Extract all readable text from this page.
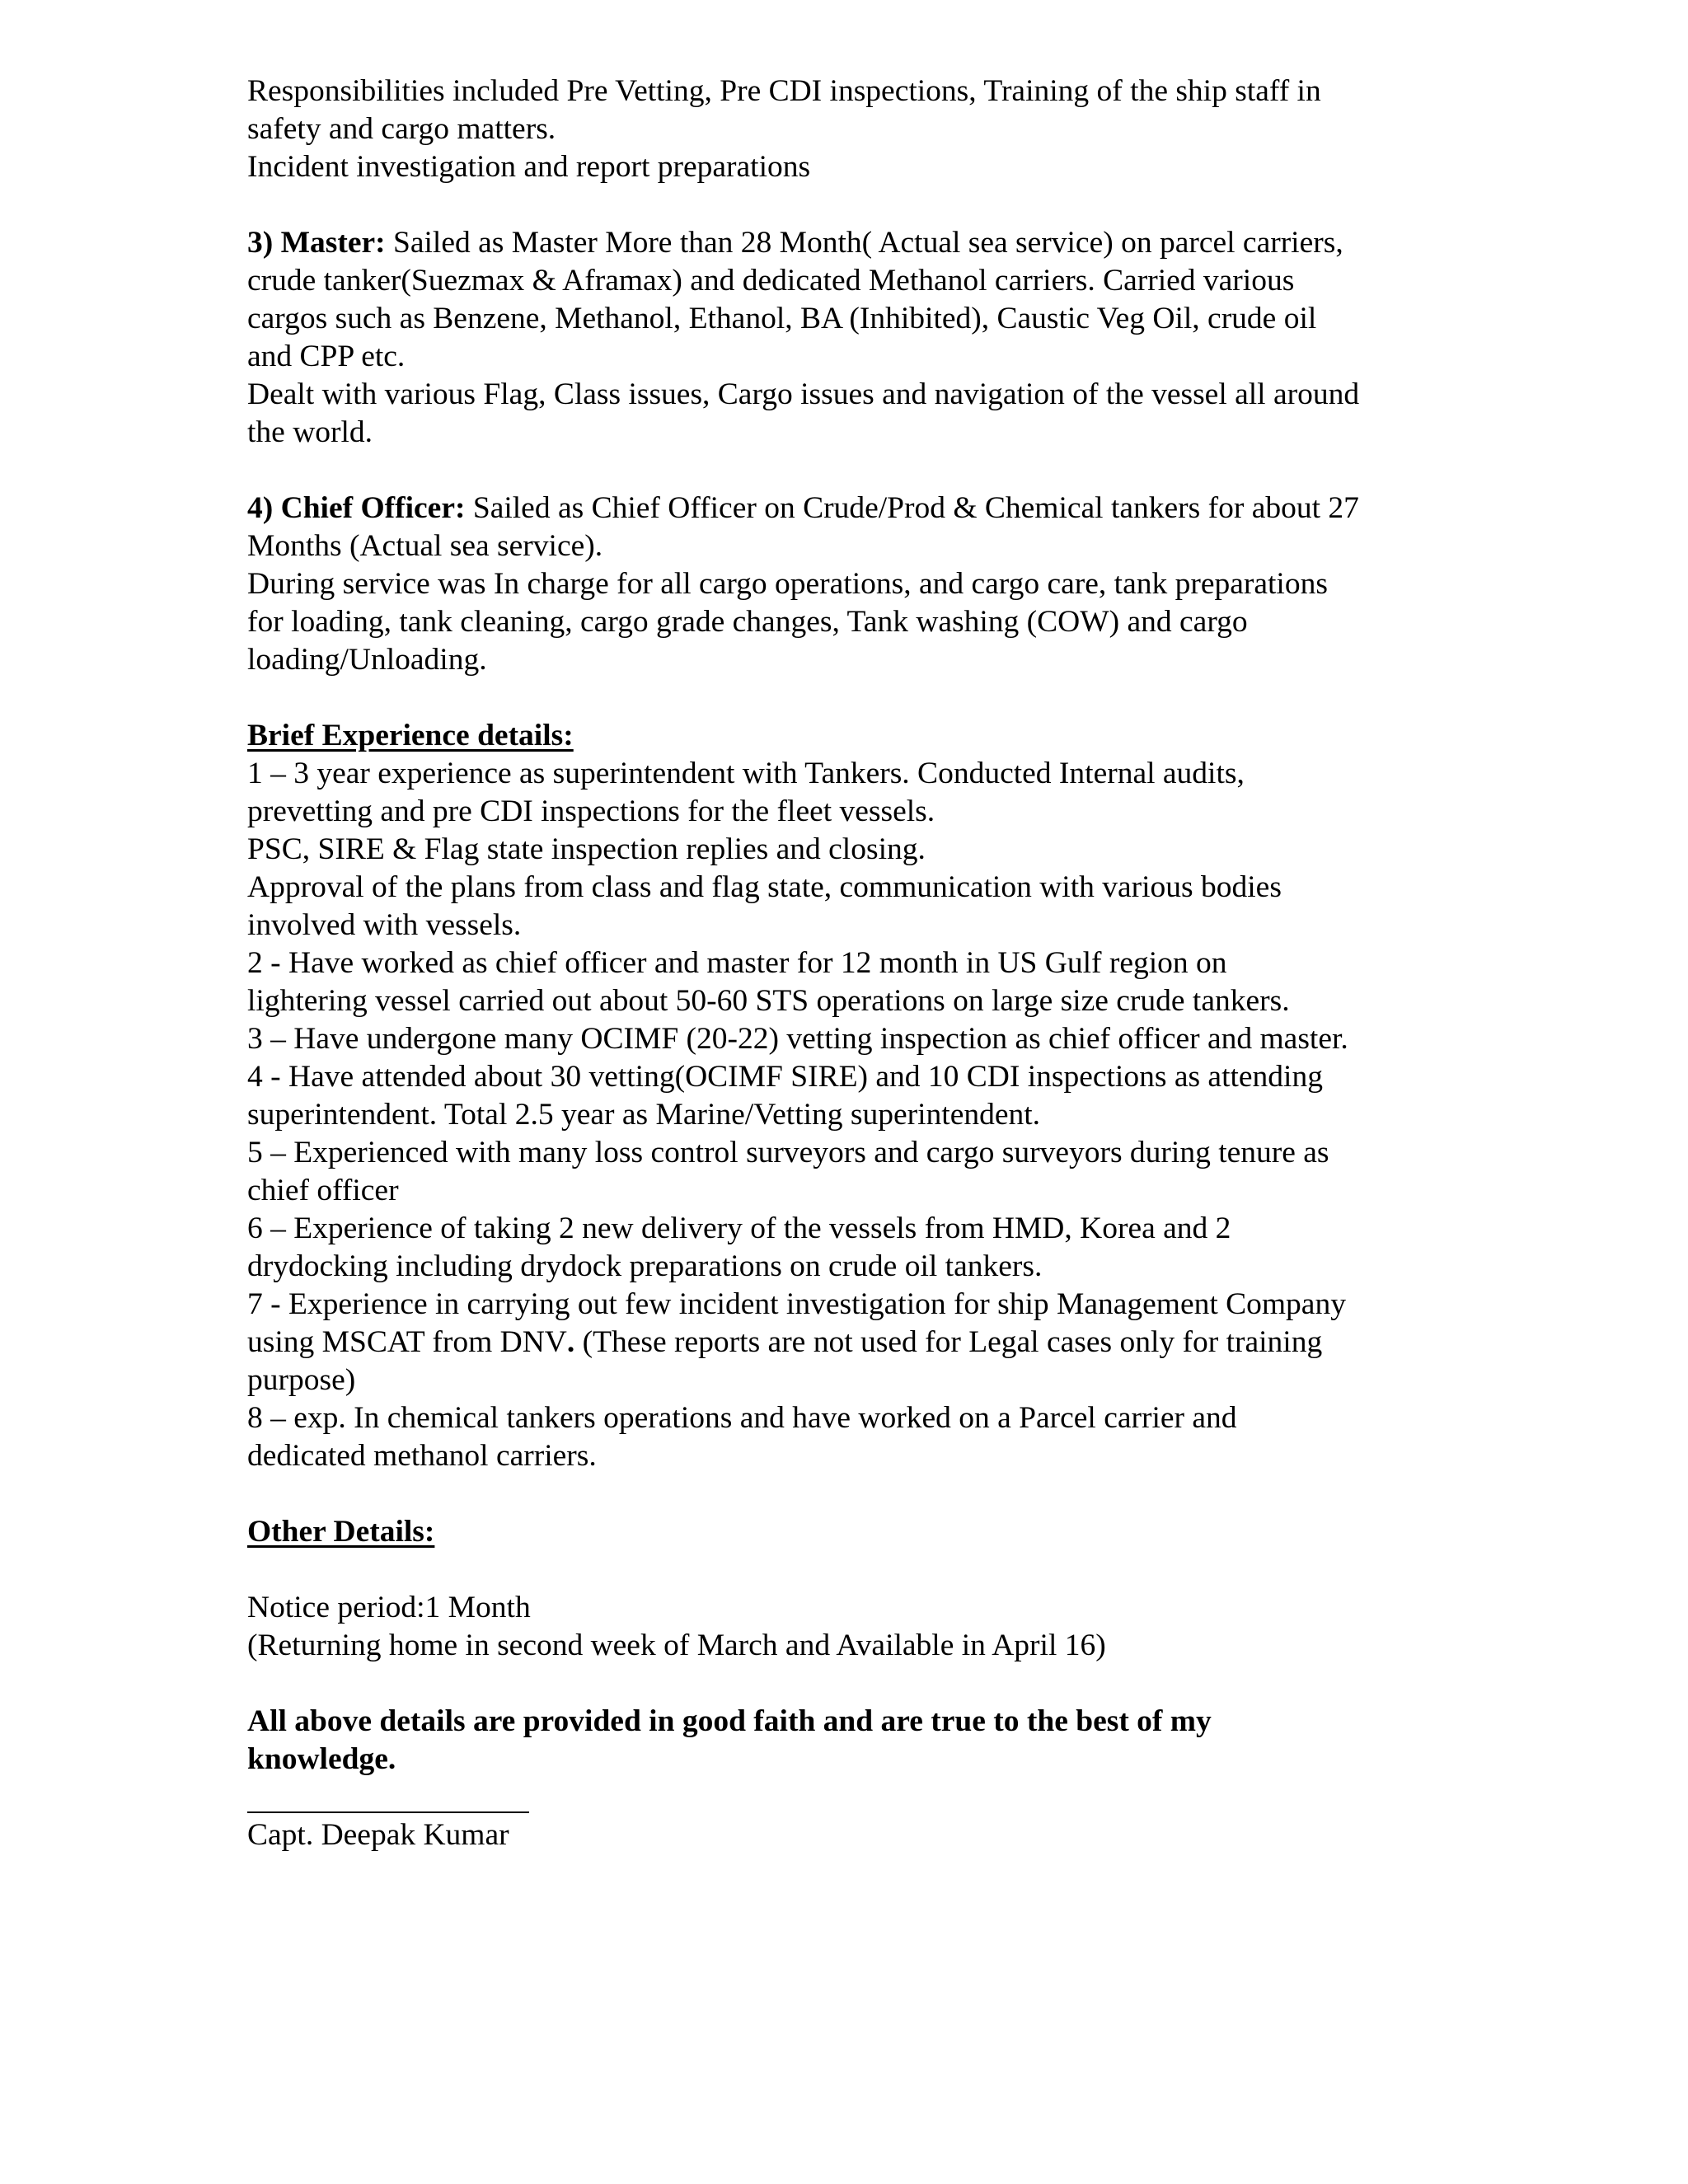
Responsibilities included Pre Vetting, Pre CDI inspections, Training of the ship staff in
safety and cargo matters.
Incident investigation and report preparations
3) Master: Sailed as Master More than 28 Month( Actual sea service) on parcel carriers,
crude tanker(Suezmax & Aframax) and dedicated Methanol carriers. Carried various
cargos such as Benzene, Methanol, Ethanol, BA (Inhibited), Caustic Veg Oil, crude oil
and CPP etc.
Dealt with various Flag, Class issues, Cargo issues and navigation of the vessel all around
the world.
4) Chief Officer: Sailed as Chief Officer on Crude/Prod & Chemical tankers for about 27
Months (Actual sea service).
During service was In charge for all cargo operations, and cargo care, tank preparations
for loading, tank cleaning, cargo grade changes, Tank washing (COW) and cargo
loading/Unloading.
Brief Experience details:
1 – 3 year experience as superintendent with Tankers. Conducted Internal audits,
prevetting and pre CDI inspections for the fleet vessels.
PSC, SIRE & Flag state inspection replies and closing.
Approval of the plans from class and flag state, communication with various bodies
involved with vessels.
2 - Have worked as chief officer and master for 12 month in US Gulf region on
lightering vessel carried out about 50-60 STS operations on large size crude tankers.
3 – Have undergone many OCIMF (20-22) vetting inspection as chief officer and master.
4 - Have attended about 30 vetting(OCIMF SIRE) and 10 CDI inspections as attending
superintendent. Total 2.5 year as Marine/Vetting superintendent.
5 – Experienced with many loss control surveyors and cargo surveyors during tenure as
chief officer
6 – Experience of taking 2 new delivery of the vessels from HMD, Korea and 2
drydocking including drydock preparations on crude oil tankers.
7 - Experience in carrying out few incident investigation for ship Management Company
using MSCAT from DNV. (These reports are not used for Legal cases only for training
purpose)
8 – exp. In chemical tankers operations and have worked on a Parcel carrier and
dedicated methanol carriers.
Other Details:
Notice period:1 Month
(Returning home in second week of March and Available in April 16)
All above details are provided in good faith and are true to the best of my
knowledge.
Capt. Deepak Kumar
